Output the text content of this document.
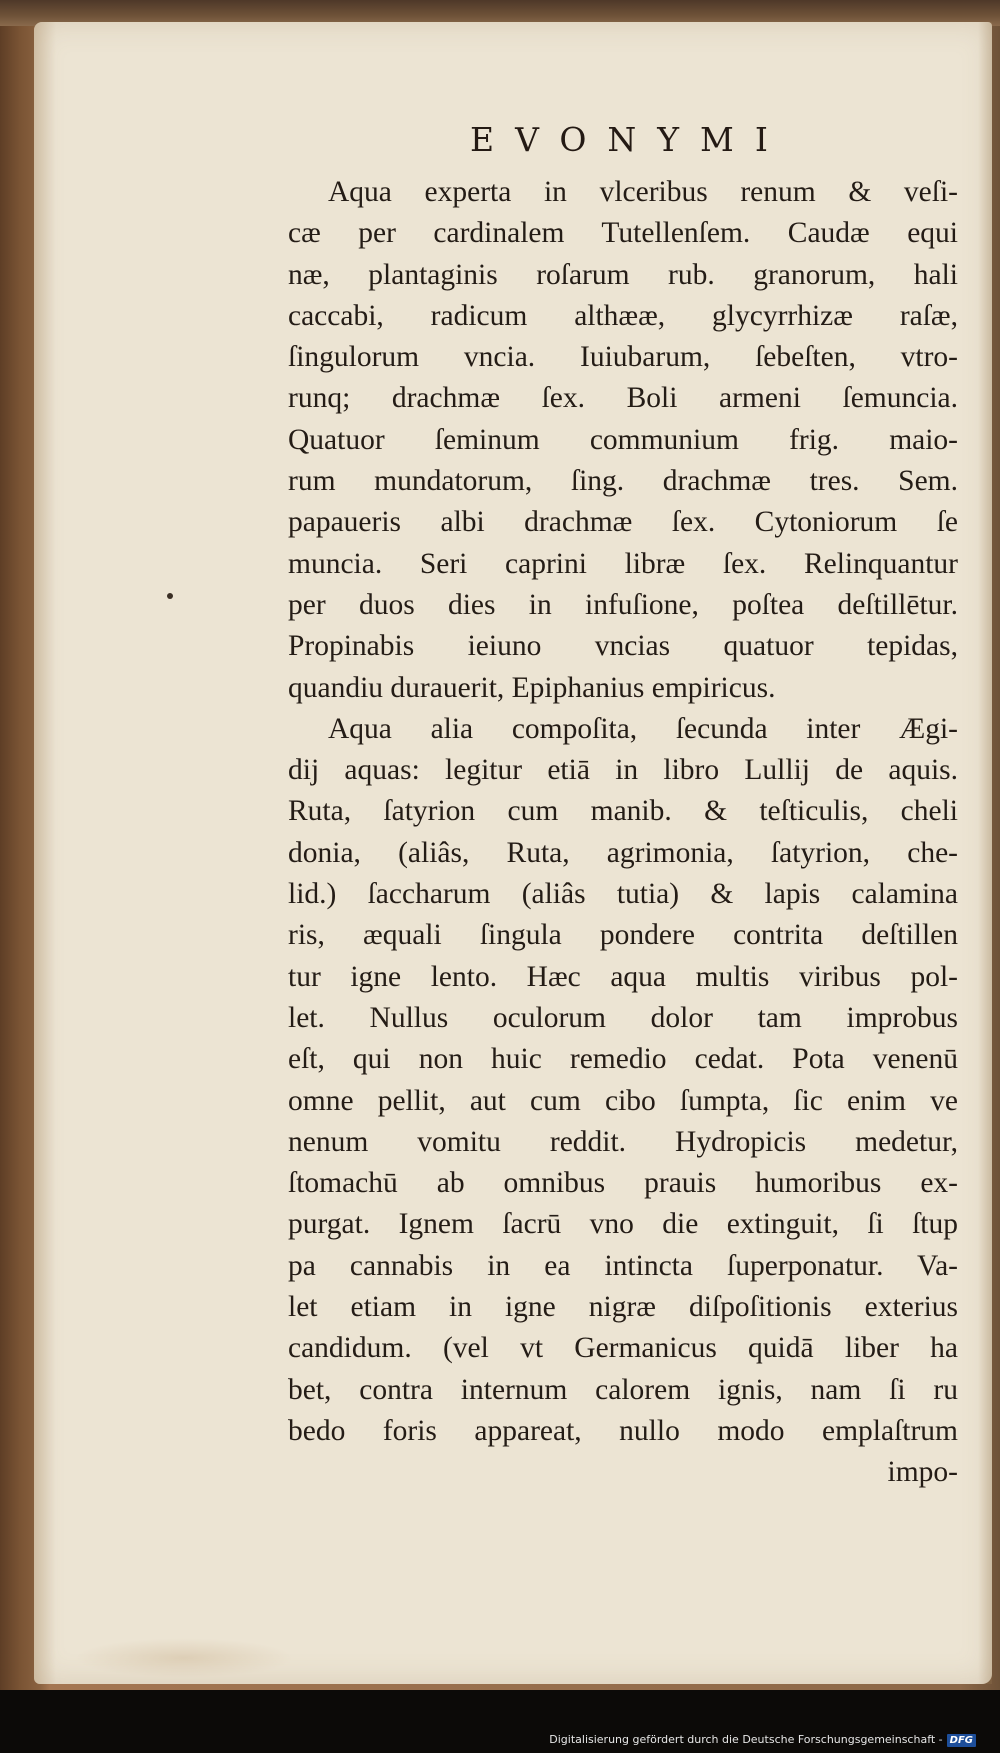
EVONYMI
Aqua experta in vlceribus renum & veſi-
cæ per cardinalem Tutellenſem. Caudæ equi
næ, plantaginis roſarum rub. granorum, hali
caccabi, radicum althææ, glycyrrhizæ raſæ,
ſingulorum vncia. Iuiubarum, ſebeſten, vtro-
runq; drachmæ ſex. Boli armeni ſemuncia.
Quatuor ſeminum communium frig. maio-
rum mundatorum, ſing. drachmæ tres. Sem.
papaueris albi drachmæ ſex. Cytoniorum ſe
muncia. Seri caprini libræ ſex. Relinquantur
per duos dies in infuſione, poſtea deſtillētur.
Propinabis ieiuno vncias quatuor tepidas,
quandiu durauerit, Epiphanius empiricus.
Aqua alia compoſita, ſecunda inter Ægi-
dij aquas: legitur etiā in libro Lullij de aquis.
Ruta, ſatyrion cum manib. & teſticulis, cheli
donia, (aliâs, Ruta, agrimonia, ſatyrion, che-
lid.) ſaccharum (aliâs tutia) & lapis calamina
ris, æquali ſingula pondere contrita deſtillen
tur igne lento. Hæc aqua multis viribus pol-
let. Nullus oculorum dolor tam improbus
eſt, qui non huic remedio cedat. Pota venenū
omne pellit, aut cum cibo ſumpta, ſic enim ve
nenum vomitu reddit. Hydropicis medetur,
ſtomachū ab omnibus prauis humoribus ex-
purgat. Ignem ſacrū vno die extinguit, ſi ſtup
pa cannabis in ea intincta ſuperponatur. Va-
let etiam in igne nigræ diſpoſitionis exterius
candidum. (vel vt Germanicus quidā liber ha
bet, contra internum calorem ignis, nam ſi ru
bedo foris appareat, nullo modo emplaſtrum
impo-
Digitalisierung gefördert durch die Deutsche Forschungsgemeinschaft - DFG
